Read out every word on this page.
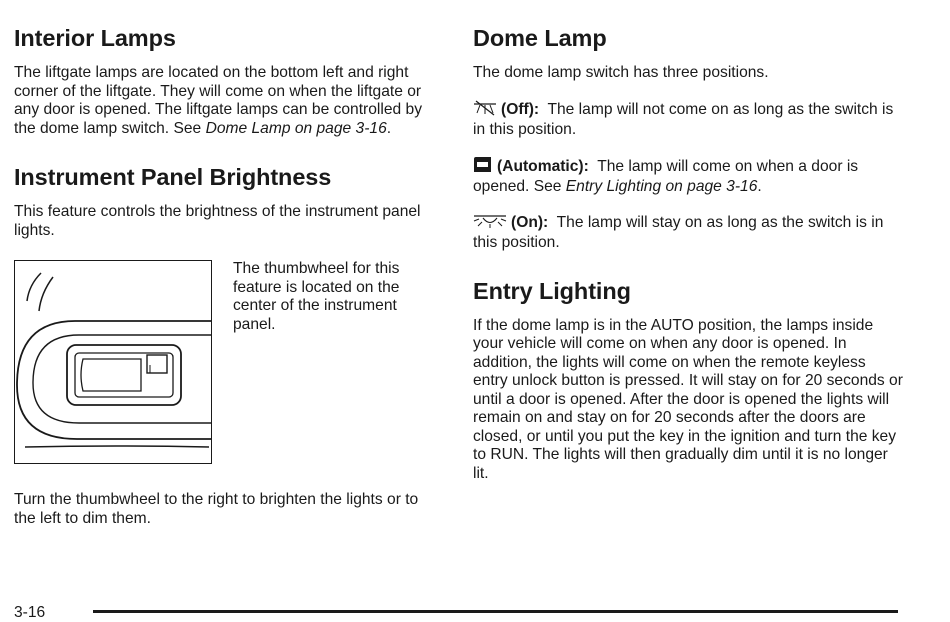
Interior Lamps

The liftgate lamps are located on the bottom left and right corner of the liftgate. They will come on when the liftgate or any door is opened. The liftgate lamps can be controlled by the dome lamp switch. See Dome Lamp on page 3-16.

Instrument Panel Brightness

This feature controls the brightness of the instrument panel lights.

The thumbwheel for this feature is located on the center of the instrument panel.

Turn the thumbwheel to the right to brighten the lights or to the left to dim them.

Dome Lamp

The dome lamp switch has three positions.

(Off): The lamp will not come on as long as the switch is in this position.

(Automatic): The lamp will come on when a door is opened. See Entry Lighting on page 3-16.

(On): The lamp will stay on as long as the switch is in this position.

Entry Lighting

If the dome lamp is in the AUTO position, the lamps inside your vehicle will come on when any door is opened. In addition, the lights will come on when the remote keyless entry unlock button is pressed. It will stay on for 20 seconds or until a door is opened. After the door is opened the lights will remain on and stay on for 20 seconds after the doors are closed, or until you put the key in the ignition and turn the key to RUN. The lights will then gradually dim until it is no longer lit.

3-16
